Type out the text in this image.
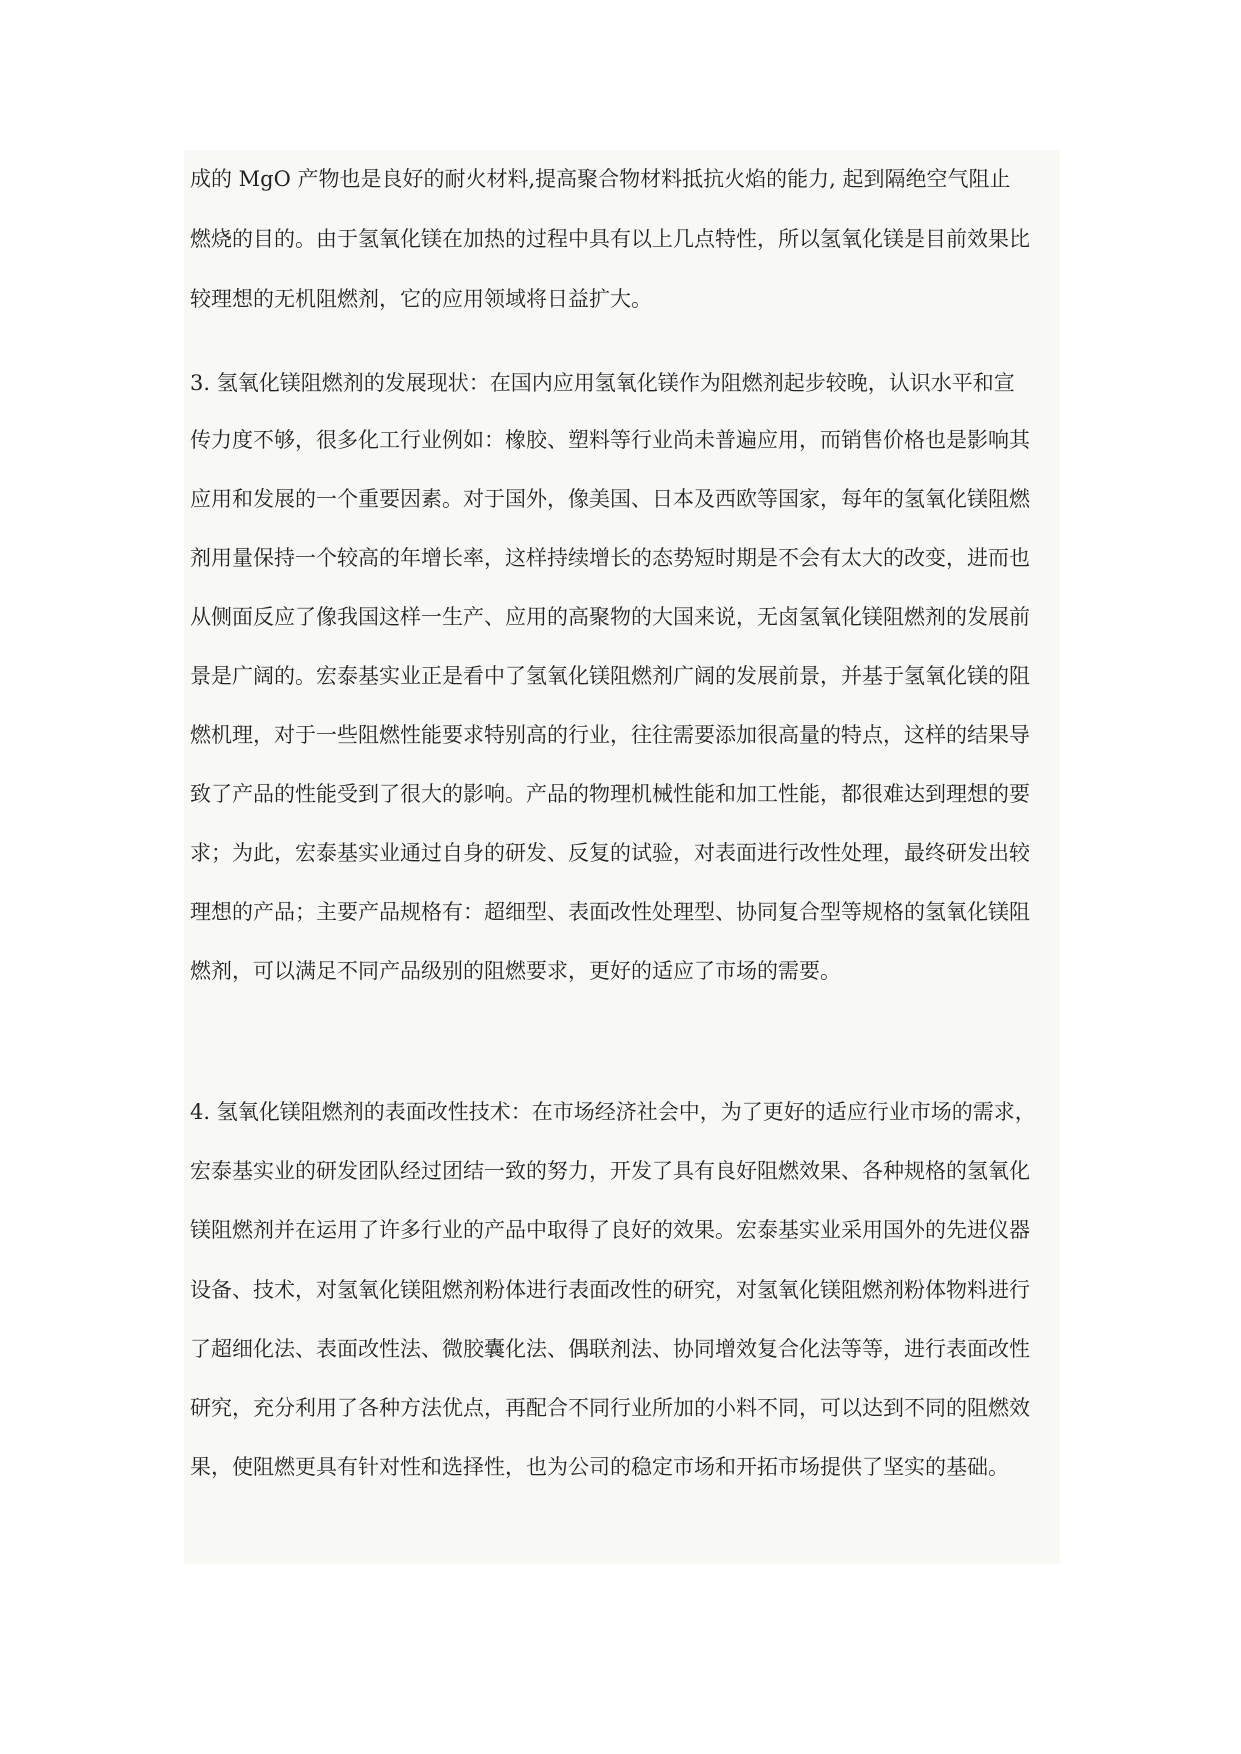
成的 MgO 产物也是良好的耐火材料,提高聚合物材料抵抗火焰的能力, 起到隔绝空气阻止
燃烧的目的。由于氢氧化镁在加热的过程中具有以上几点特性，所以氢氧化镁是目前效果比
较理想的无机阻燃剂，它的应用领域将日益扩大。
3. 氢氧化镁阻燃剂的发展现状：在国内应用氢氧化镁作为阻燃剂起步较晚，认识水平和宣
传力度不够，很多化工行业例如：橡胶、塑料等行业尚未普遍应用，而销售价格也是影响其
应用和发展的一个重要因素。对于国外，像美国、日本及西欧等国家，每年的氢氧化镁阻燃
剂用量保持一个较高的年增长率，这样持续增长的态势短时期是不会有太大的改变，进而也
从侧面反应了像我国这样一生产、应用的高聚物的大国来说，无卤氢氧化镁阻燃剂的发展前
景是广阔的。宏泰基实业正是看中了氢氧化镁阻燃剂广阔的发展前景，并基于氢氧化镁的阻
燃机理，对于一些阻燃性能要求特别高的行业，往往需要添加很高量的特点，这样的结果导
致了产品的性能受到了很大的影响。产品的物理机械性能和加工性能，都很难达到理想的要
求；为此，宏泰基实业通过自身的研发、反复的试验，对表面进行改性处理，最终研发出较
理想的产品；主要产品规格有：超细型、表面改性处理型、协同复合型等规格的氢氧化镁阻
燃剂，可以满足不同产品级别的阻燃要求，更好的适应了市场的需要。
4. 氢氧化镁阻燃剂的表面改性技术：在市场经济社会中，为了更好的适应行业市场的需求，
宏泰基实业的研发团队经过团结一致的努力，开发了具有良好阻燃效果、各种规格的氢氧化
镁阻燃剂并在运用了许多行业的产品中取得了良好的效果。宏泰基实业采用国外的先进仪器
设备、技术，对氢氧化镁阻燃剂粉体进行表面改性的研究，对氢氧化镁阻燃剂粉体物料进行
了超细化法、表面改性法、微胶囊化法、偶联剂法、协同增效复合化法等等，进行表面改性
研究，充分利用了各种方法优点，再配合不同行业所加的小料不同，可以达到不同的阻燃效
果，使阻燃更具有针对性和选择性，也为公司的稳定市场和开拓市场提供了坚实的基础。
